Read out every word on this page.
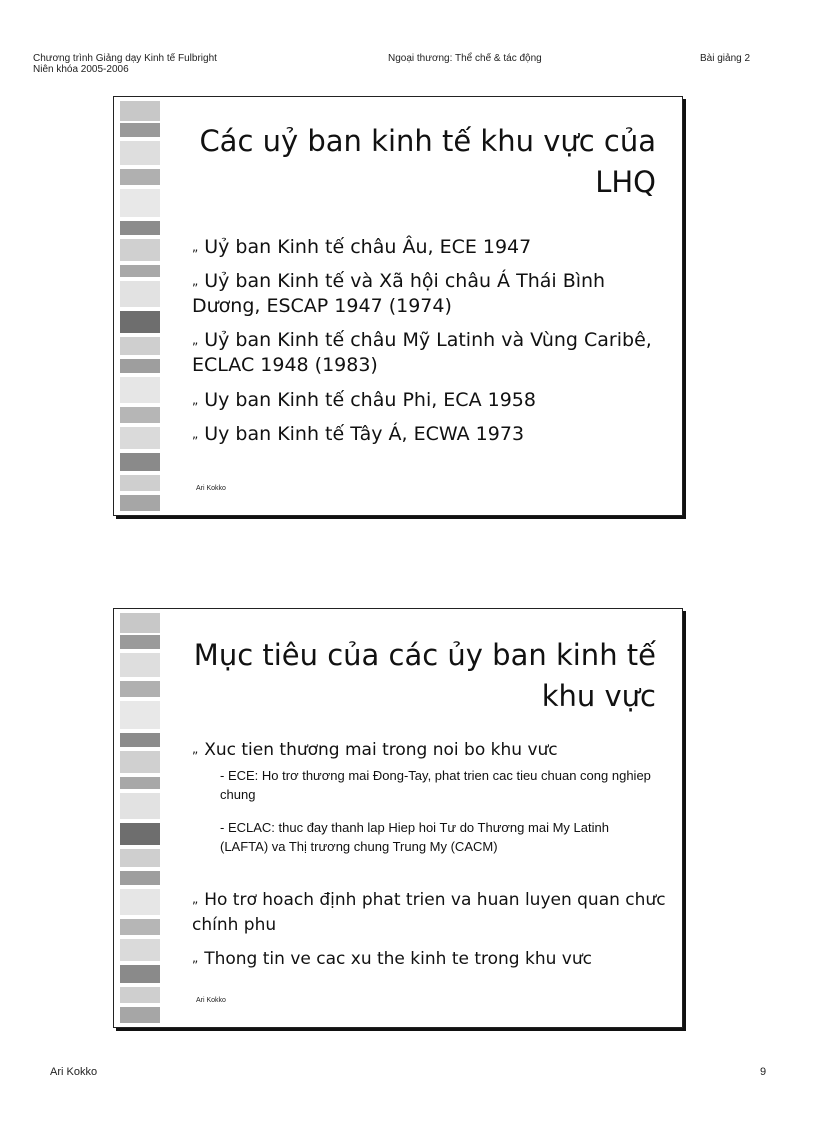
Chương trình Giảng dạy Kinh tế Fulbright
Niên khóa 2005-2006
Ngoại thương: Thể chế & tác động	Bài giảng 2
Các uỷ ban kinh tế khu vực của
LHQ
„ Uỷ ban Kinh tế châu Âu, ECE 1947
„ Uỷ ban Kinh tế và Xã hội châu Á Thái Bình Dương, ESCAP 1947 (1974)
„ Uỷ ban Kinh tế châu Mỹ Latinh và Vùng Caribê, ECLAC 1948 (1983)
„ Uy ban Kinh tế châu Phi, ECA 1958
„ Uy ban Kinh tế Tây Á, ECWA 1973
Ari Kokko
Mục tiêu của các ủy ban kinh tế
khu vực
„ Xuc tien thương mai trong noi bo khu vưc
- ECE: Ho trơ thương mai Đong-Tay, phat trien cac tieu chuan cong nghiep chung
- ECLAC: thuc đay thanh lap Hiep hoi Tư do Thương mai My Latinh (LAFTA) va Thị trương chung Trung My (CACM)
„ Ho trơ hoach định phat trien va huan luyen quan chưc chính phu
„ Thong tin ve cac xu the kinh te trong khu vưc
Ari Kokko
Ari Kokko	9
